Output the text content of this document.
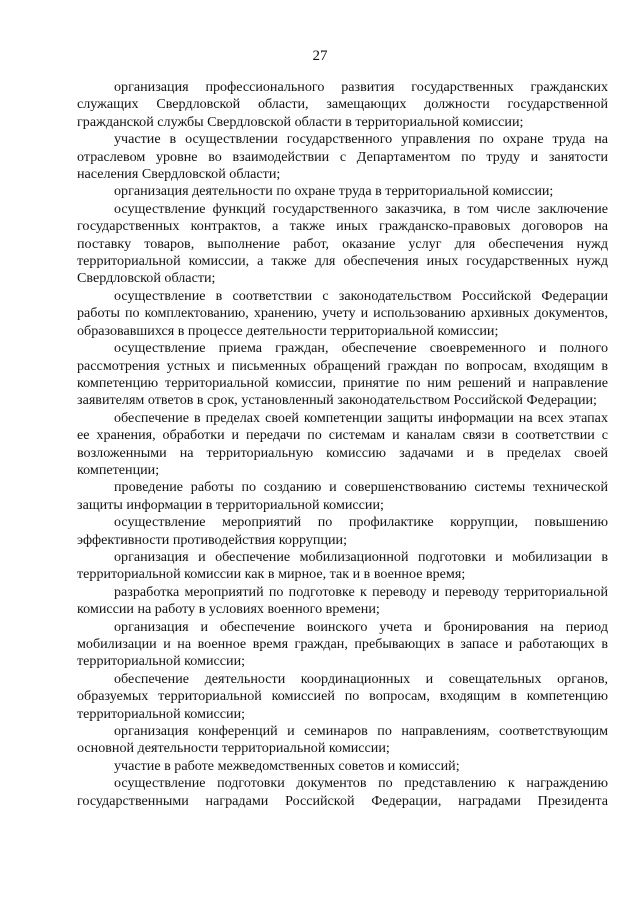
27

организация профессионального развития государственных гражданских служащих Свердловской области, замещающих должности государственной гражданской службы Свердловской области в территориальной комиссии;

участие в осуществлении государственного управления по охране труда на отраслевом уровне во взаимодействии с Департаментом по труду и занятости населения Свердловской области;

организация деятельности по охране труда в территориальной комиссии;

осуществление функций государственного заказчика, в том числе заключение государственных контрактов, а также иных гражданско-правовых договоров на поставку товаров, выполнение работ, оказание услуг для обеспечения нужд территориальной комиссии, а также для обеспечения иных государственных нужд Свердловской области;

осуществление в соответствии с законодательством Российской Федерации работы по комплектованию, хранению, учету и использованию архивных документов, образовавшихся в процессе деятельности территориальной комиссии;

осуществление приема граждан, обеспечение своевременного и полного рассмотрения устных и письменных обращений граждан по вопросам, входящим в компетенцию территориальной комиссии, принятие по ним решений и направление заявителям ответов в срок, установленный законодательством Российской Федерации;

обеспечение в пределах своей компетенции защиты информации на всех этапах ее хранения, обработки и передачи по системам и каналам связи в соответствии с возложенными на территориальную комиссию задачами и в пределах своей компетенции;

проведение работы по созданию и совершенствованию системы технической защиты информации в территориальной комиссии;

осуществление мероприятий по профилактике коррупции, повышению эффективности противодействия коррупции;

организация и обеспечение мобилизационной подготовки и мобилизации в территориальной комиссии как в мирное, так и в военное время;

разработка мероприятий по подготовке к переводу и переводу территориальной комиссии на работу в условиях военного времени;

организация и обеспечение воинского учета и бронирования на период мобилизации и на военное время граждан, пребывающих в запасе и работающих в территориальной комиссии;

обеспечение деятельности координационных и совещательных органов, образуемых территориальной комиссией по вопросам, входящим в компетенцию территориальной комиссии;

организация конференций и семинаров по направлениям, соответствующим основной деятельности территориальной комиссии;

участие в работе межведомственных советов и комиссий;

осуществление подготовки документов по представлению к награждению государственными наградами Российской Федерации, наградами Президента
